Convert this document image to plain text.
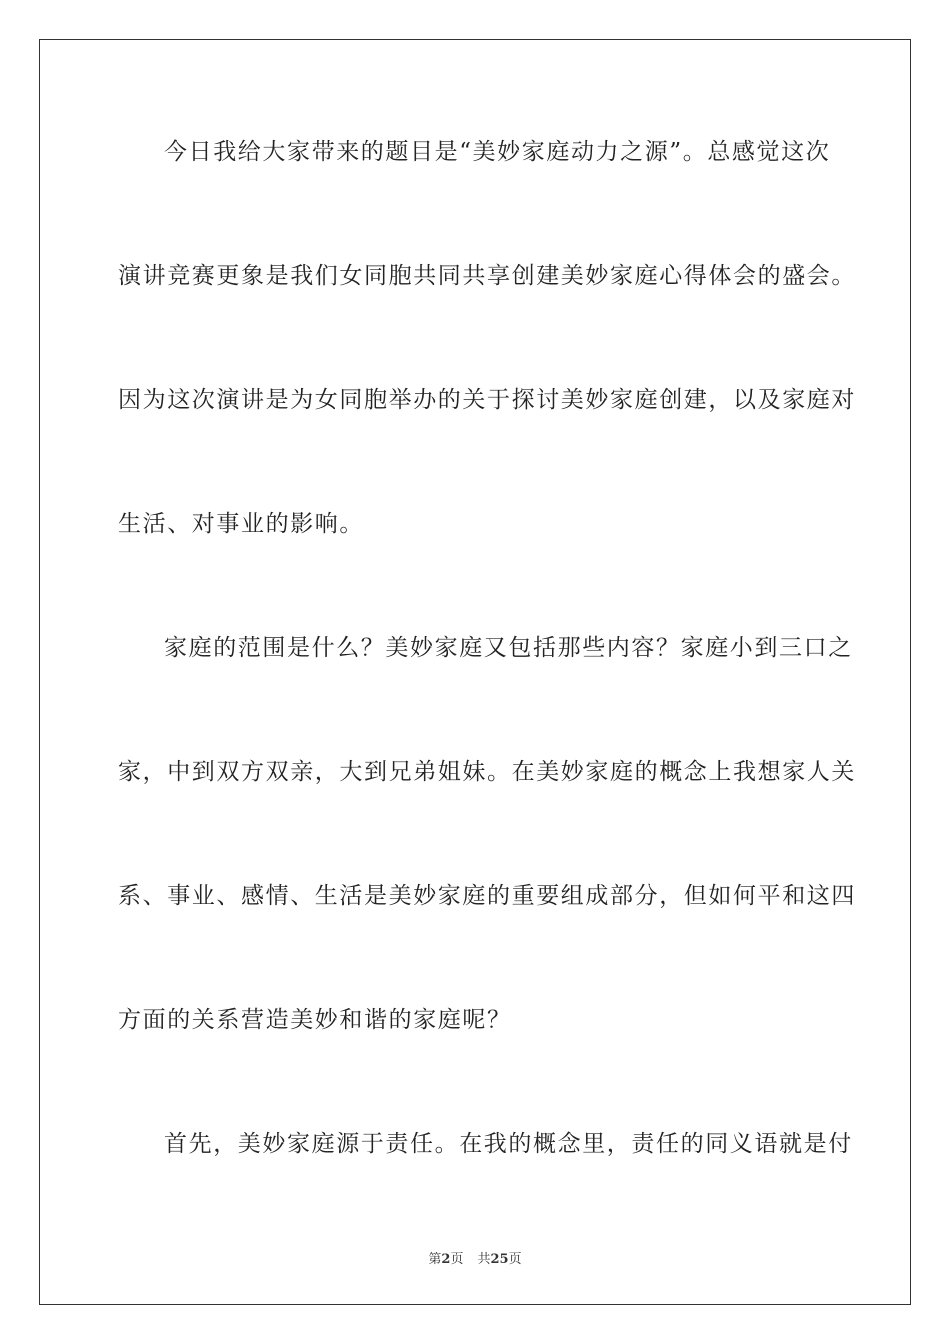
今日我给大家带来的题目是“美妙家庭动力之源”。总感觉这次
演讲竞赛更象是我们女同胞共同共享创建美妙家庭心得体会的盛会。
因为这次演讲是为女同胞举办的关于探讨美妙家庭创建，以及家庭对
生活、对事业的影响。
家庭的范围是什么？美妙家庭又包括那些内容？家庭小到三口之
家，中到双方双亲，大到兄弟姐妹。在美妙家庭的概念上我想家人关
系、事业、感情、生活是美妙家庭的重要组成部分，但如何平和这四
方面的关系营造美妙和谐的家庭呢？
首先，美妙家庭源于责任。在我的概念里，责任的同义语就是付
第2页 共25页
